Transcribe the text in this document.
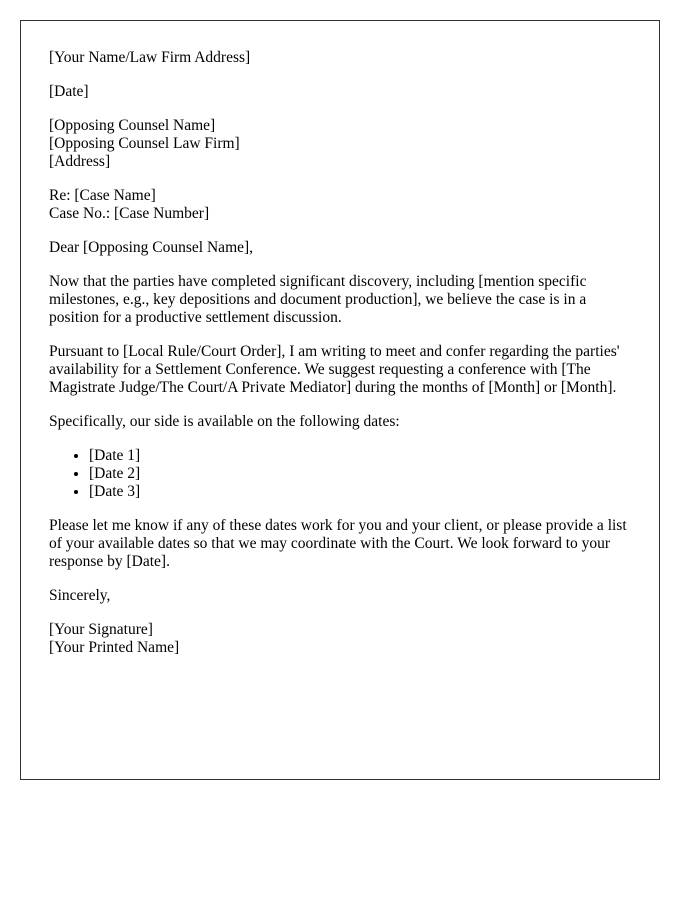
[Your Name/Law Firm Address]

[Date]

[Opposing Counsel Name]
[Opposing Counsel Law Firm]
[Address]

Re: [Case Name]
Case No.: [Case Number]

Dear [Opposing Counsel Name],

Now that the parties have completed significant discovery, including [mention specific milestones, e.g., key depositions and document production], we believe the case is in a position for a productive settlement discussion.

Pursuant to [Local Rule/Court Order], I am writing to meet and confer regarding the parties' availability for a Settlement Conference. We suggest requesting a conference with [The Magistrate Judge/The Court/A Private Mediator] during the months of [Month] or [Month].

Specifically, our side is available on the following dates:

• [Date 1]
• [Date 2]
• [Date 3]

Please let me know if any of these dates work for you and your client, or please provide a list of your available dates so that we may coordinate with the Court. We look forward to your response by [Date].

Sincerely,

[Your Signature]
[Your Printed Name]
